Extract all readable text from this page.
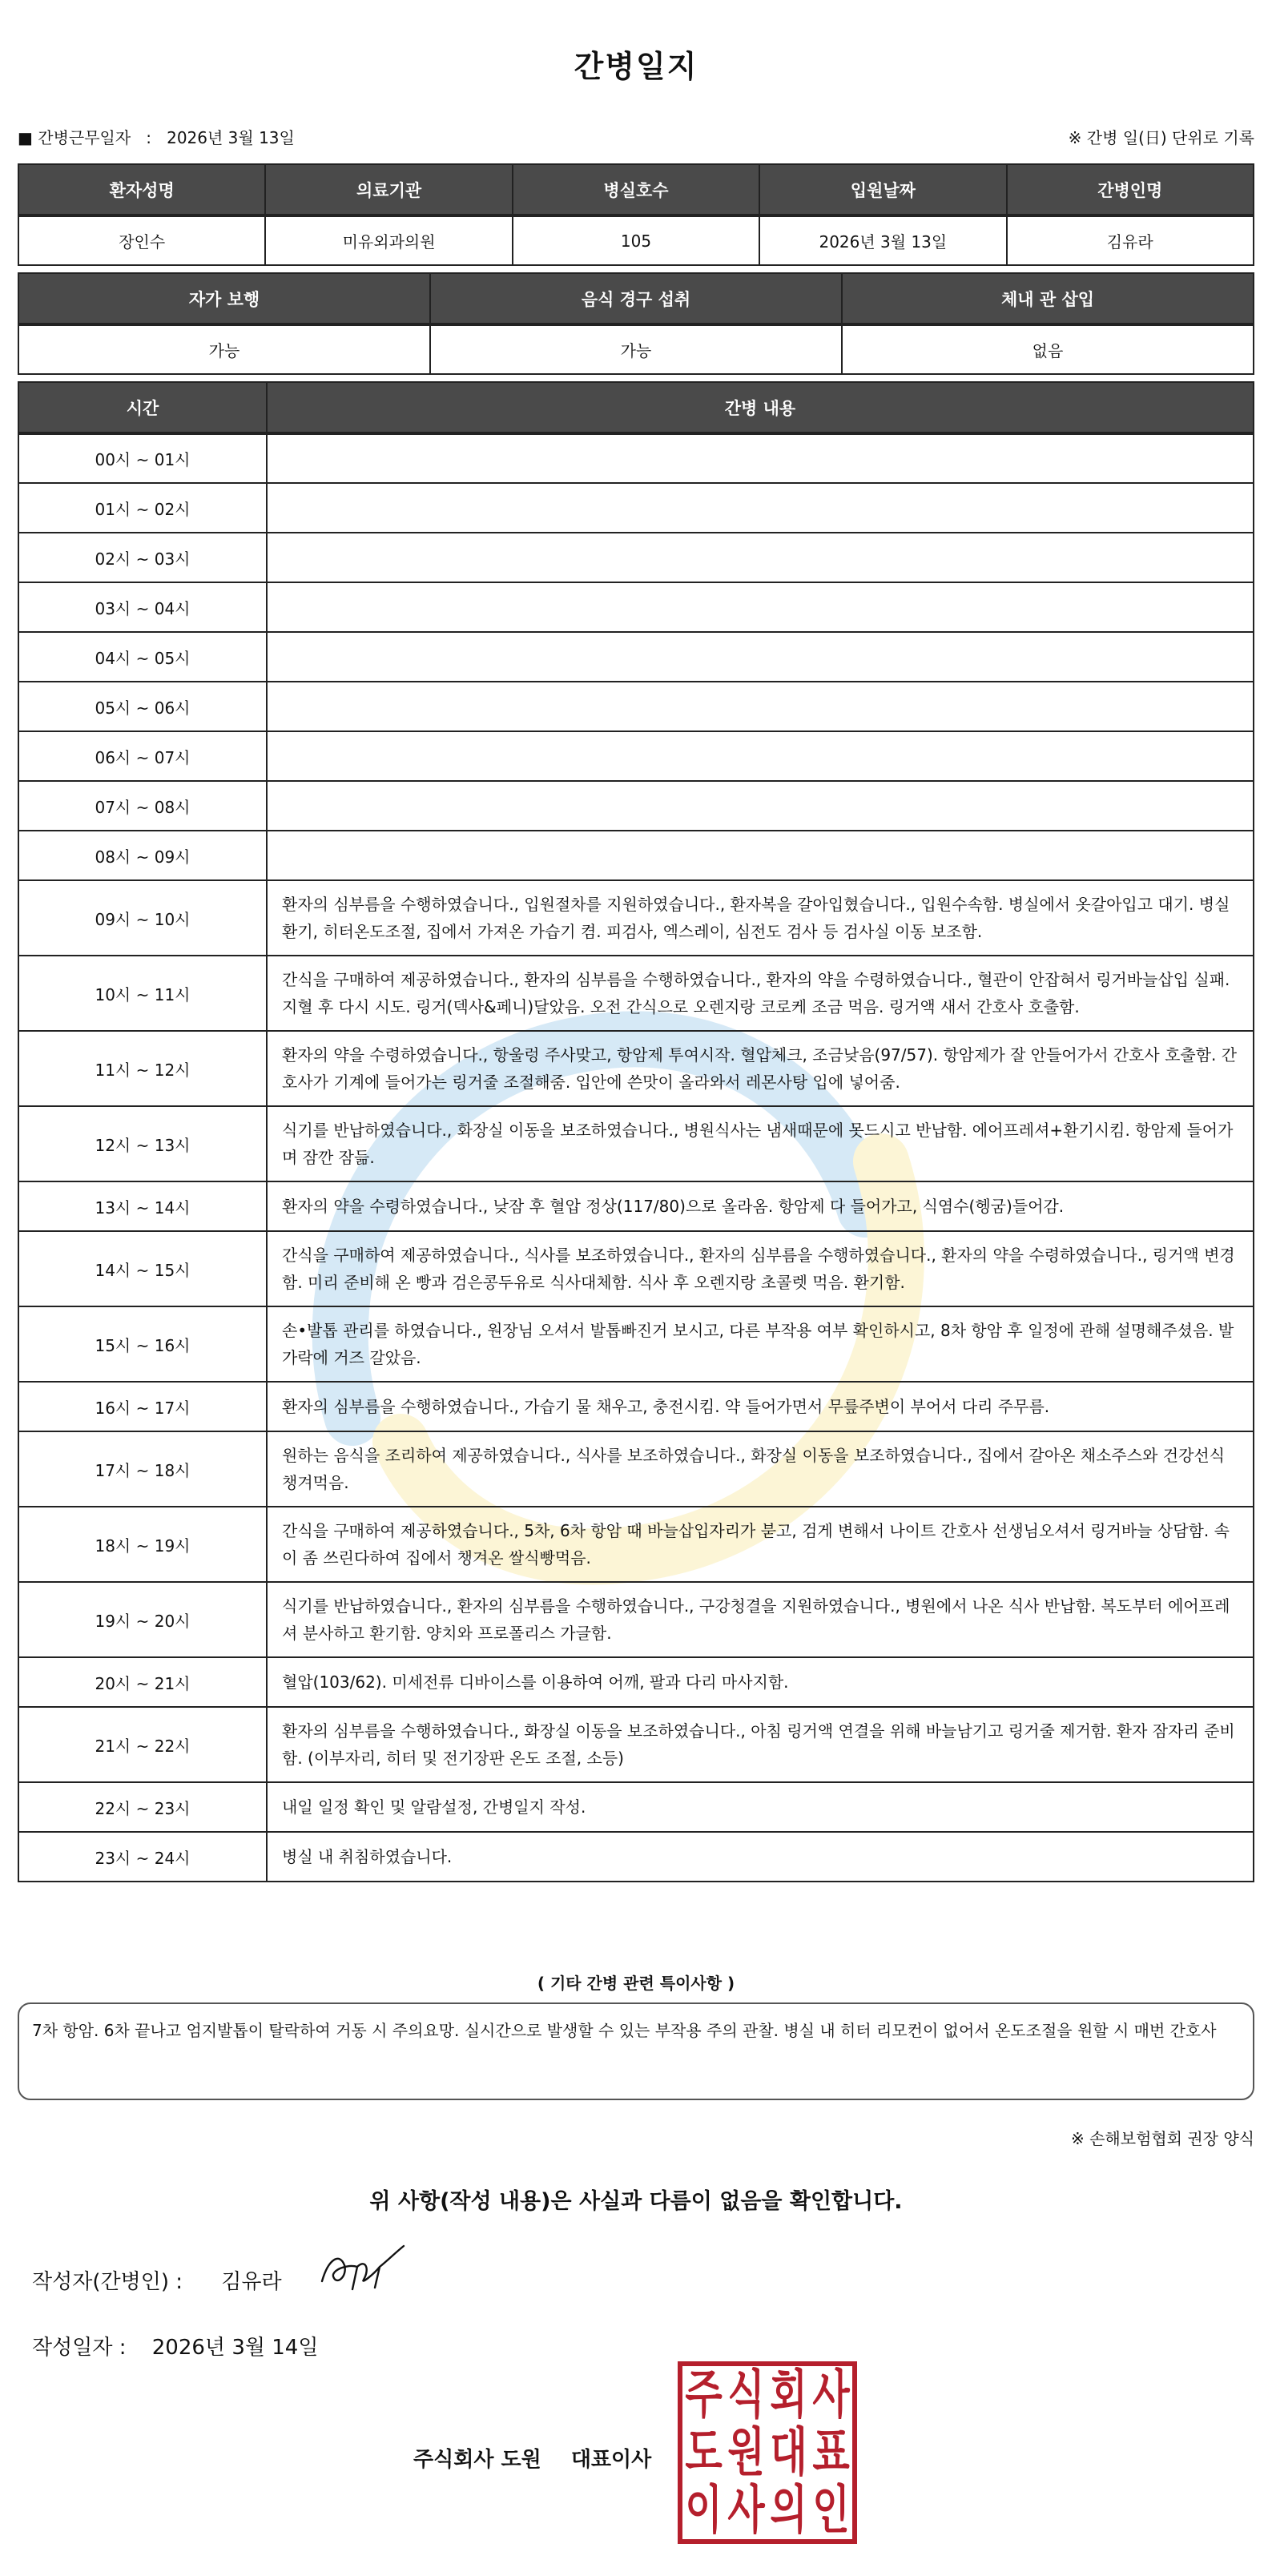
간병일지
■ 간병근무일자 : 2026년 3월 13일	※ 간병 일(日) 단위로 기록
환자성명	의료기관	병실호수	입원날짜	간병인명
장인수	미유외과의원	105	2026년 3월 13일	김유라
자가 보행	음식 경구 섭취	체내 관 삽입
가능	가능	없음
시간	간병 내용
00시 ~ 01시	
01시 ~ 02시	
02시 ~ 03시	
03시 ~ 04시	
04시 ~ 05시	
05시 ~ 06시	
06시 ~ 07시	
07시 ~ 08시	
08시 ~ 09시	
09시 ~ 10시	환자의 심부름을 수행하였습니다., 입원절차를 지원하였습니다., 환자복을 갈아입혔습니다., 입원수속함. 병실에서 옷갈아입고 대기. 병실 환기, 히터온도조절, 집에서 가져온 가습기 켬. 피검사, 엑스레이, 심전도 검사 등 검사실 이동 보조함.
10시 ~ 11시	간식을 구매하여 제공하였습니다., 환자의 심부름을 수행하였습니다., 환자의 약을 수령하였습니다., 혈관이 안잡혀서 링거바늘삽입 실패. 지혈 후 다시 시도. 링거(덱사&페니)달았음. 오전 간식으로 오렌지랑 코로케 조금 먹음. 링거액 새서 간호사 호출함.
11시 ~ 12시	환자의 약을 수령하였습니다., 항울렁 주사맞고, 항암제 투여시작. 혈압체크, 조금낮음(97/57). 항암제가 잘 안들어가서 간호사 호출함. 간호사가 기계에 들어가는 링거줄 조절해줌. 입안에 쓴맛이 올라와서 레몬사탕 입에 넣어줌.
12시 ~ 13시	식기를 반납하였습니다., 화장실 이동을 보조하였습니다., 병원식사는 냄새때문에 못드시고 반납함. 에어프레셔+환기시킴. 항암제 들어가며 잠깐 잠듦.
13시 ~ 14시	환자의 약을 수령하였습니다., 낮잠 후 혈압 정상(117/80)으로 올라옴. 항암제 다 들어가고, 식염수(헹굼)들어감.
14시 ~ 15시	간식을 구매하여 제공하였습니다., 식사를 보조하였습니다., 환자의 심부름을 수행하였습니다., 환자의 약을 수령하였습니다., 링거액 변경함. 미리 준비해 온 빵과 검은콩두유로 식사대체함. 식사 후 오렌지랑 초콜렛 먹음. 환기함.
15시 ~ 16시	손•발톱 관리를 하였습니다., 원장님 오셔서 발톱빠진거 보시고, 다른 부작용 여부 확인하시고, 8차 항암 후 일정에 관해 설명해주셨음. 발가락에 거즈 갈았음.
16시 ~ 17시	환자의 심부름을 수행하였습니다., 가습기 물 채우고, 충전시킴. 약 들어가면서 무릎주변이 부어서 다리 주무름.
17시 ~ 18시	원하는 음식을 조리하여 제공하였습니다., 식사를 보조하였습니다., 화장실 이동을 보조하였습니다., 집에서 갈아온 채소주스와 건강선식 챙겨먹음.
18시 ~ 19시	간식을 구매하여 제공하였습니다., 5차, 6차 항암 때 바늘삽입자리가 붇고, 검게 변해서 나이트 간호사 선생님오셔서 링거바늘 상담함. 속이 좀 쓰린다하여 집에서 챙겨온 쌀식빵먹음.
19시 ~ 20시	식기를 반납하였습니다., 환자의 심부름을 수행하였습니다., 구강청결을 지원하였습니다., 병원에서 나온 식사 반납함. 복도부터 에어프레셔 분사하고 환기함. 양치와 프로폴리스 가글함.
20시 ~ 21시	혈압(103/62). 미세전류 디바이스를 이용하여 어깨, 팔과 다리 마사지함.
21시 ~ 22시	환자의 심부름을 수행하였습니다., 화장실 이동을 보조하였습니다., 아침 링거액 연결을 위해 바늘남기고 링거줄 제거함. 환자 잠자리 준비함. (이부자리, 히터 및 전기장판 온도 조절, 소등)
22시 ~ 23시	내일 일정 확인 및 알람설정, 간병일지 작성.
23시 ~ 24시	병실 내 취침하였습니다.
( 기타 간병 관련 특이사항 )
7차 항암. 6차 끝나고 엄지발톱이 탈락하여 거동 시 주의요망. 실시간으로 발생할 수 있는 부작용 주의 관찰. 병실 내 히터 리모컨이 없어서 온도조절을 원할 시 매번 간호사
※ 손해보험협회 권장 양식
위 사항(작성 내용)은 사실과 다름이 없음을 확인합니다.
작성자(간병인) : 김유라
작성일자 : 2026년 3월 14일
주식회사 도원 대표이사
주 식 회 사
도 원 대 표
이 사 의 인
